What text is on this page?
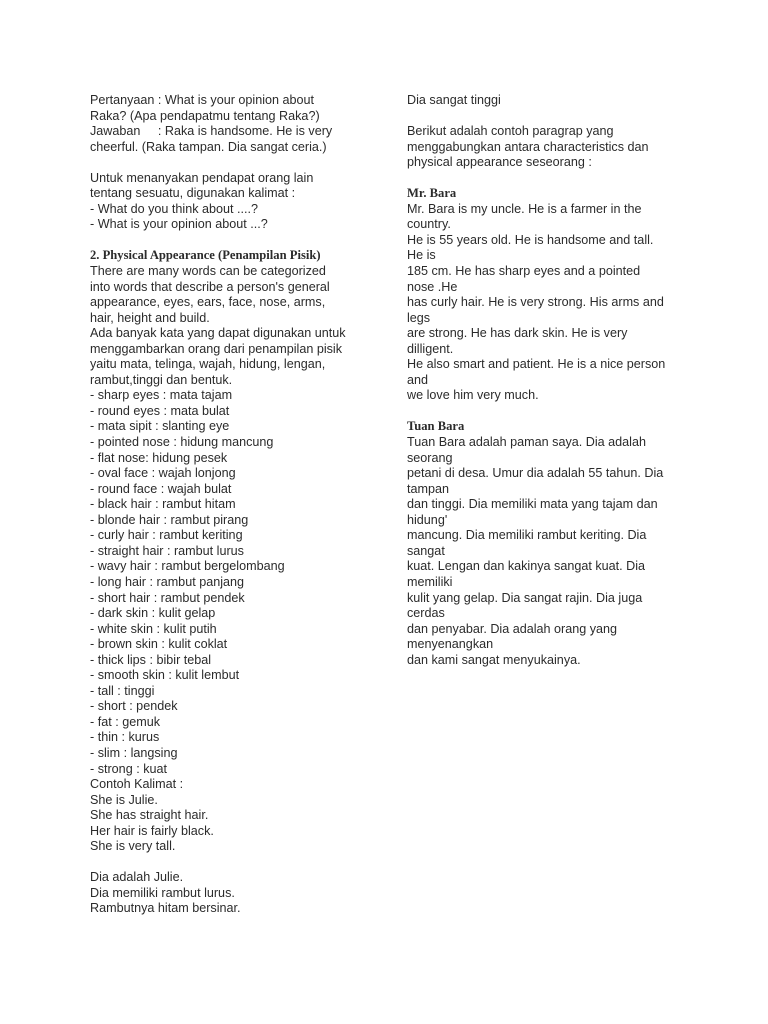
Pertanyaan : What is your opinion about
Raka? (Apa pendapatmu tentang Raka?)
Jawaban     : Raka is handsome. He is very
cheerful. (Raka tampan. Dia sangat ceria.)
Untuk menanyakan pendapat orang lain
tentang sesuatu, digunakan kalimat :
- What do you think about ....?
- What is your opinion about ...?
2. Physical Appearance (Penampilan Pisik)
There are many words can be categorized
into words that describe a person's general
appearance, eyes, ears, face, nose, arms,
hair, height and build.
Ada banyak kata yang dapat digunakan untuk
menggambarkan orang dari penampilan pisik
yaitu mata, telinga, wajah, hidung, lengan,
rambut,tinggi dan bentuk.
- sharp eyes : mata tajam
- round eyes : mata bulat
- mata sipit : slanting eye
- pointed nose : hidung mancung
- flat nose: hidung pesek
- oval face : wajah lonjong
- round face : wajah bulat
- black hair : rambut hitam
- blonde hair : rambut pirang
- curly hair : rambut keriting
- straight hair : rambut lurus
- wavy hair : rambut bergelombang
- long hair : rambut panjang
- short hair : rambut pendek
- dark skin : kulit gelap
- white skin : kulit putih
- brown skin : kulit coklat
- thick lips : bibir tebal
- smooth skin : kulit lembut
- tall : tinggi
- short : pendek
- fat : gemuk
- thin : kurus
- slim : langsing
- strong : kuat
Contoh Kalimat :
She is Julie.
She has straight hair.
Her hair is fairly black.
She is very tall.
Dia adalah Julie.
Dia memiliki rambut lurus.
Rambutnya hitam bersinar.
Dia sangat tinggi
Berikut adalah contoh paragrap yang
menggabungkan antara characteristics dan
physical appearance seseorang :
Mr. Bara
Mr. Bara is my uncle. He is a farmer in the
country.
He is 55 years old. He is handsome and tall.
He is
185 cm. He has sharp eyes and a pointed
nose .He
has curly hair. He is very strong. His arms and
legs
are strong. He has dark skin. He is very
dilligent.
He also smart and patient. He is a nice person
and
we love him very much.
Tuan Bara
Tuan Bara adalah paman saya. Dia adalah
seorang
petani di desa. Umur dia adalah 55 tahun. Dia
tampan
dan tinggi. Dia memiliki mata yang tajam dan
hidung'
mancung. Dia memiliki rambut keriting. Dia
sangat
kuat. Lengan dan kakinya sangat kuat. Dia
memiliki
kulit yang gelap. Dia sangat rajin. Dia juga
cerdas
dan penyabar. Dia adalah orang yang
menyenangkan
dan kami sangat menyukainya.
